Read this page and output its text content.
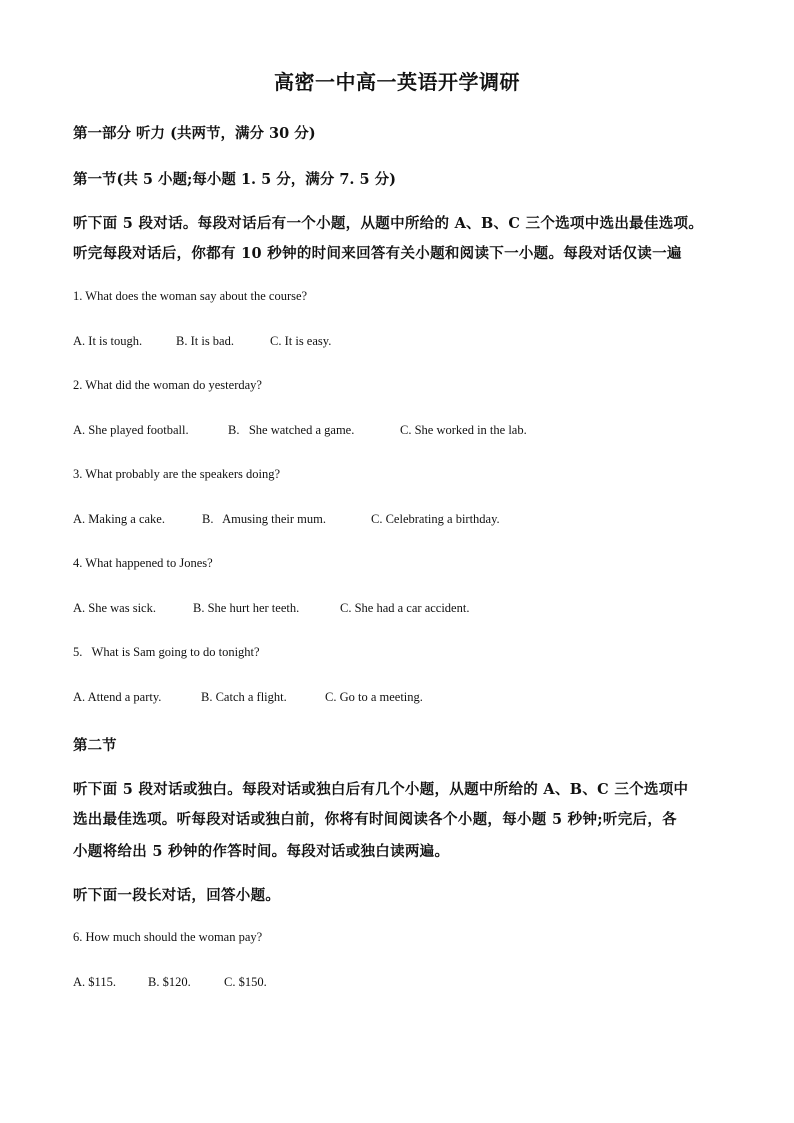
高密一中高一英语开学调研
第一部分 听力 (共两节，满分 30 分)
第一节(共 5 小题;每小题 1. 5 分，满分 7. 5 分)
听下面 5 段对话。每段对话后有一个小题，从题中所给的 A、B、C 三个选项中选出最佳选项。
听完每段对话后，你都有 10 秒钟的时间来回答有关小题和阅读下一小题。每段对话仅读一遍
1. What does the woman say about the course?
A. It is tough.	B. It is bad.	C. It is easy.
2. What did the woman do yesterday?
A. She played football.	B.   She watched a game.	C. She worked in the lab.
3. What probably are the speakers doing?
A. Making a cake.	B.   Amusing their mum.	C. Celebrating a birthday.
4. What happened to Jones?
A. She was sick.	B. She hurt her teeth.	C. She had a car accident.
5.   What is Sam going to do tonight?
A. Attend a party.	B. Catch a flight.	C. Go to a meeting.
第二节
听下面 5 段对话或独白。每段对话或独白后有几个小题，从题中所给的 A、B、C 三个选项中
选出最佳选项。听每段对话或独白前，你将有时间阅读各个小题，每小题 5 秒钟;听完后，各
小题将给出 5 秒钟的作答时间。每段对话或独白读两遍。
听下面一段长对话，回答小题。
6. How much should the woman pay?
A. $115.	B. $120.	C. $150.
